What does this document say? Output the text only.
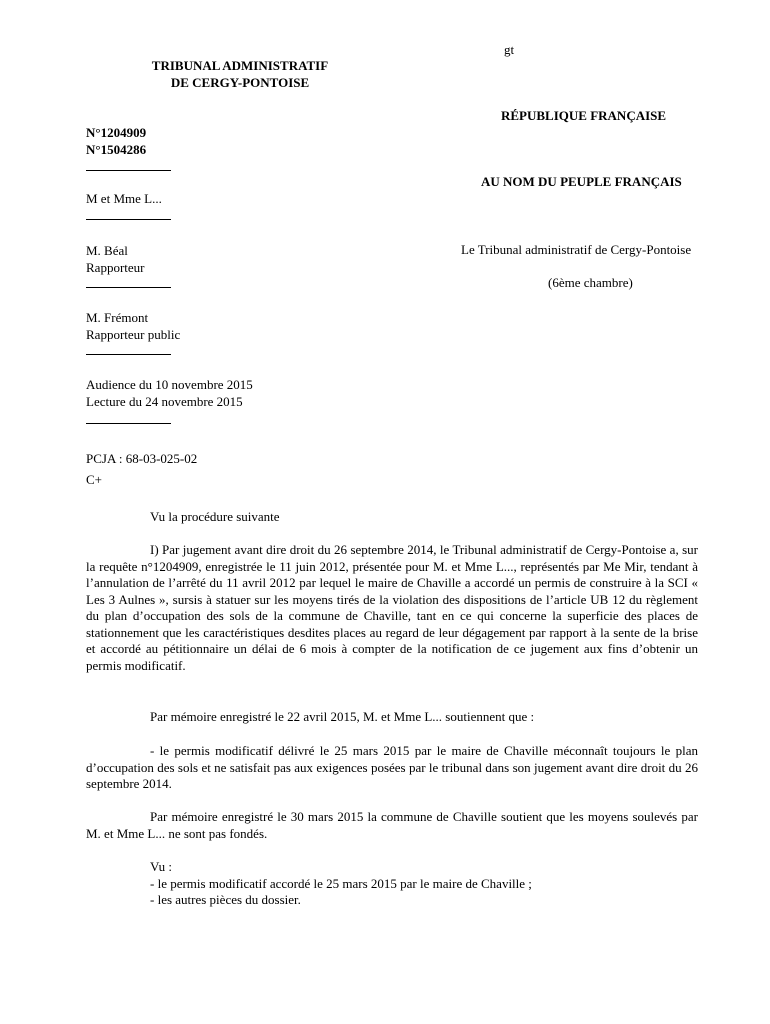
gt
TRIBUNAL ADMINISTRATIF
DE CERGY-PONTOISE
RÉPUBLIQUE FRANÇAISE
N°1204909
N°1504286
AU NOM DU PEUPLE FRANÇAIS
M et Mme L...
M. Béal
Rapporteur
Le Tribunal administratif de Cergy-Pontoise
(6ème chambre)
M. Frémont
Rapporteur public
Audience du 10 novembre 2015
Lecture du 24 novembre 2015
PCJA : 68-03-025-02
C+
Vu la procédure suivante
I) Par jugement avant dire droit du 26 septembre 2014, le Tribunal administratif de Cergy-Pontoise a, sur la requête n°1204909, enregistrée le 11 juin 2012, présentée pour M. et Mme L..., représentés par Me Mir, tendant à l’annulation de l’arrêté du 11 avril 2012 par lequel le maire de Chaville a accordé un permis de construire à la SCI « Les 3 Aulnes », sursis à statuer sur les moyens tirés de la violation des dispositions de l’article UB 12 du règlement du plan d’occupation des sols de la commune de Chaville, tant en ce qui concerne la superficie des places de stationnement que les caractéristiques desdites places au regard de leur dégagement par rapport à la sente de la brise et accordé au pétitionnaire un délai de 6 mois à compter de la notification de ce jugement aux fins d’obtenir un permis modificatif.
Par mémoire enregistré le 22 avril 2015, M. et Mme L... soutiennent que :
- le permis modificatif délivré le 25 mars 2015 par le maire de Chaville méconnaît toujours le plan d’occupation des sols et ne satisfait pas aux exigences posées par le tribunal dans son jugement avant dire droit du 26 septembre 2014.
Par mémoire enregistré le 30 mars 2015 la commune de Chaville soutient que les moyens soulevés par M. et Mme L... ne sont pas fondés.
Vu :
- le permis modificatif accordé le 25 mars 2015 par le maire de Chaville ;
- les autres pièces du dossier.
